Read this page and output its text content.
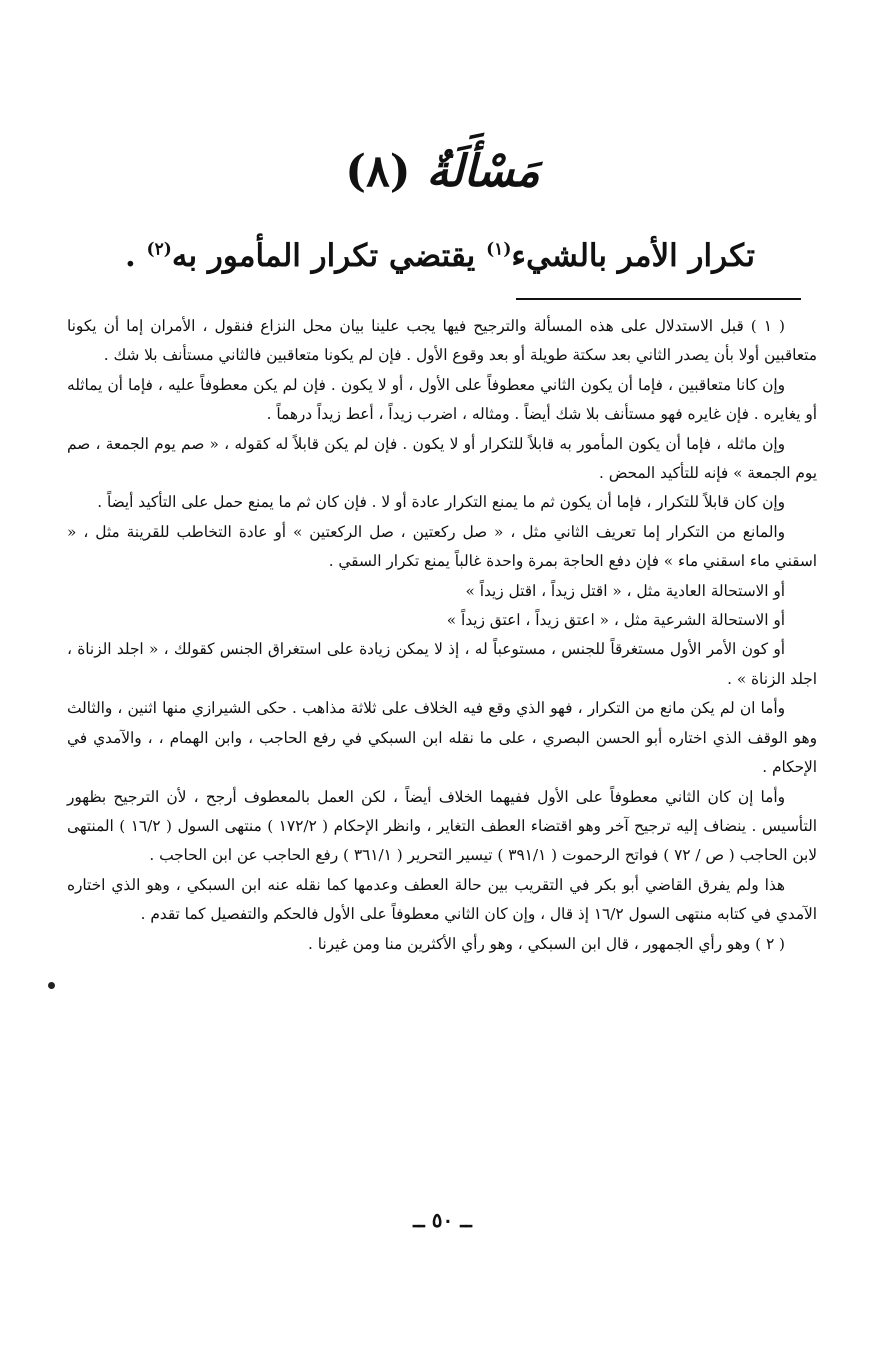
مَسْأَلَةٌ(٨)
تكرار الأمر بالشيء$^{(١)}$ يقتضي تكرار المأمور به$^{(٢)}$ .

( ١ ) قبل الاستدلال على هذه المسألة والترجيح فيها يجب علينا بيان محل النزاع فنقول ، الأمران إما أن يكونا متعاقبين أولا بأن يصدر الثاني بعد سكتة طويلة أو بعد وقوع الأول . فإن لم يكونا متعاقبين فالثاني مستأنف بلا شك .

وإن كانا متعاقبين ، فإما أن يكون الثاني معطوفاً على الأول ، أو لا يكون . فإن لم يكن معطوفاً عليه ، فإما أن يماثله أو يغايره . فإن غايره فهو مستأنف بلا شك أيضاً . ومثاله ، اضرب زيداً ، أعط زيداً درهماً .

وإن ماثله ، فإما أن يكون المأمور به قابلاً للتكرار أو لا يكون . فإن لم يكن قابلاً له كقوله ، « صم يوم الجمعة ، صم يوم الجمعة » فإنه للتأكيد المحض .

وإن كان قابلاً للتكرار ، فإما أن يكون ثم ما يمنع التكرار عادة أو لا . فإن كان ثم ما يمنع حمل على التأكيد أيضاً .

والمانع من التكرار إما تعريف الثاني مثل ، « صل ركعتين ، صل الركعتين » أو عادة التخاطب للقرينة مثل ، « اسقني ماء اسقني ماء » فإن دفع الحاجة بمرة واحدة غالباً يمنع تكرار السقي .

أو الاستحالة العادية مثل ، « اقتل زيداً ، اقتل زيداً »

أو الاستحالة الشرعية مثل ، « اعتق زيداً ، اعتق زيداً »

أو كون الأمر الأول مستغرقاً للجنس ، مستوعباً له ، إذ لا يمكن زيادة على استغراق الجنس كقولك ، « اجلد الزناة ، اجلد الزناة » .

وأما ان لم يكن مانع من التكرار ، فهو الذي وقع فيه الخلاف على ثلاثة مذاهب . حكى الشيرازي منها اثنين ، والثالث وهو الوقف الذي اختاره أبو الحسن البصري ، على ما نقله ابن السبكي في رفع الحاجب ، وابن الهمام ، ، والآمدي في الإحكام .

وأما إن كان الثاني معطوفاً على الأول ففيهما الخلاف أيضاً ، لكن العمل بالمعطوف أرجح ، لأن الترجيح بظهور التأسيس . ينضاف إليه ترجيح آخر وهو اقتضاء العطف التغاير ، وانظر الإحكام ( ١٧٢/٢ ) منتهى السول ( ١٦/٢ ) المنتهى لابن الحاجب ( ص / ٧٢ ) فواتح الرحموت ( ٣٩١/١ ) تيسير التحرير ( ٣٦١/١ ) رفع الحاجب عن ابن الحاجب .

هذا ولم يفرق القاضي أبو بكر في التقريب بين حالة العطف وعدمها كما نقله عنه ابن السبكي ، وهو الذي اختاره الآمدي في كتابه منتهى السول ١٦/٢ إذ قال ، وإن كان الثاني معطوفاً على الأول فالحكم والتفصيل كما تقدم .

( ٢ ) وهو رأي الجمهور ، قال ابن السبكي ، وهو رأي الأكثرين منا ومن غيرنا .

ــ ٥٠ ــ
